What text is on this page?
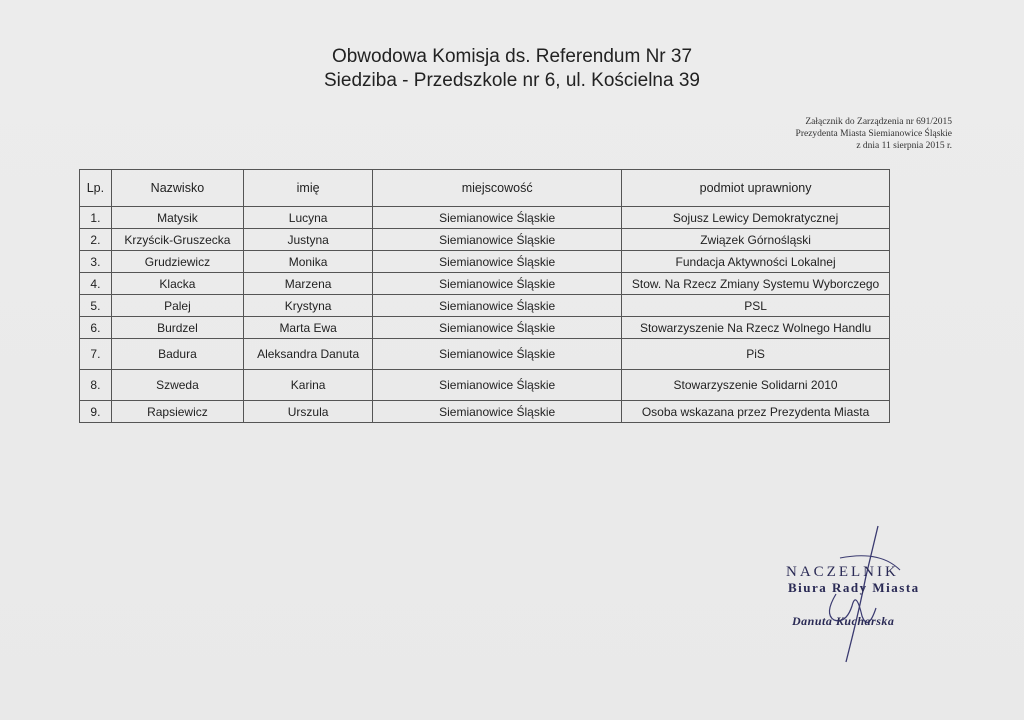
Obwodowa Komisja ds. Referendum Nr 37
Siedziba - Przedszkole nr 6, ul. Kościelna 39
Załącznik do Zarządzenia nr 691/2015
Prezydenta Miasta Siemianowice Śląskie
z dnia 11 sierpnia 2015 r.
Lp.	Nazwisko	imię	miejscowość	podmiot uprawniony
1.	Matysik	Lucyna	Siemianowice Śląskie	Sojusz Lewicy Demokratycznej
2.	Krzyścik-Gruszecka	Justyna	Siemianowice Śląskie	Związek Górnośląski
3.	Grudziewicz	Monika	Siemianowice Śląskie	Fundacja Aktywności Lokalnej
4.	Klacka	Marzena	Siemianowice Śląskie	Stow. Na Rzecz Zmiany Systemu Wyborczego
5.	Palej	Krystyna	Siemianowice Śląskie	PSL
6.	Burdzel	Marta Ewa	Siemianowice Śląskie	Stowarzyszenie Na Rzecz Wolnego Handlu
7.	Badura	Aleksandra Danuta	Siemianowice Śląskie	PiS
8.	Szweda	Karina	Siemianowice Śląskie	Stowarzyszenie Solidarni 2010
9.	Rapsiewicz	Urszula	Siemianowice Śląskie	Osoba wskazana przez Prezydenta Miasta
NACZELNIK
Biura Rady Miasta
Danuta Kucharska
